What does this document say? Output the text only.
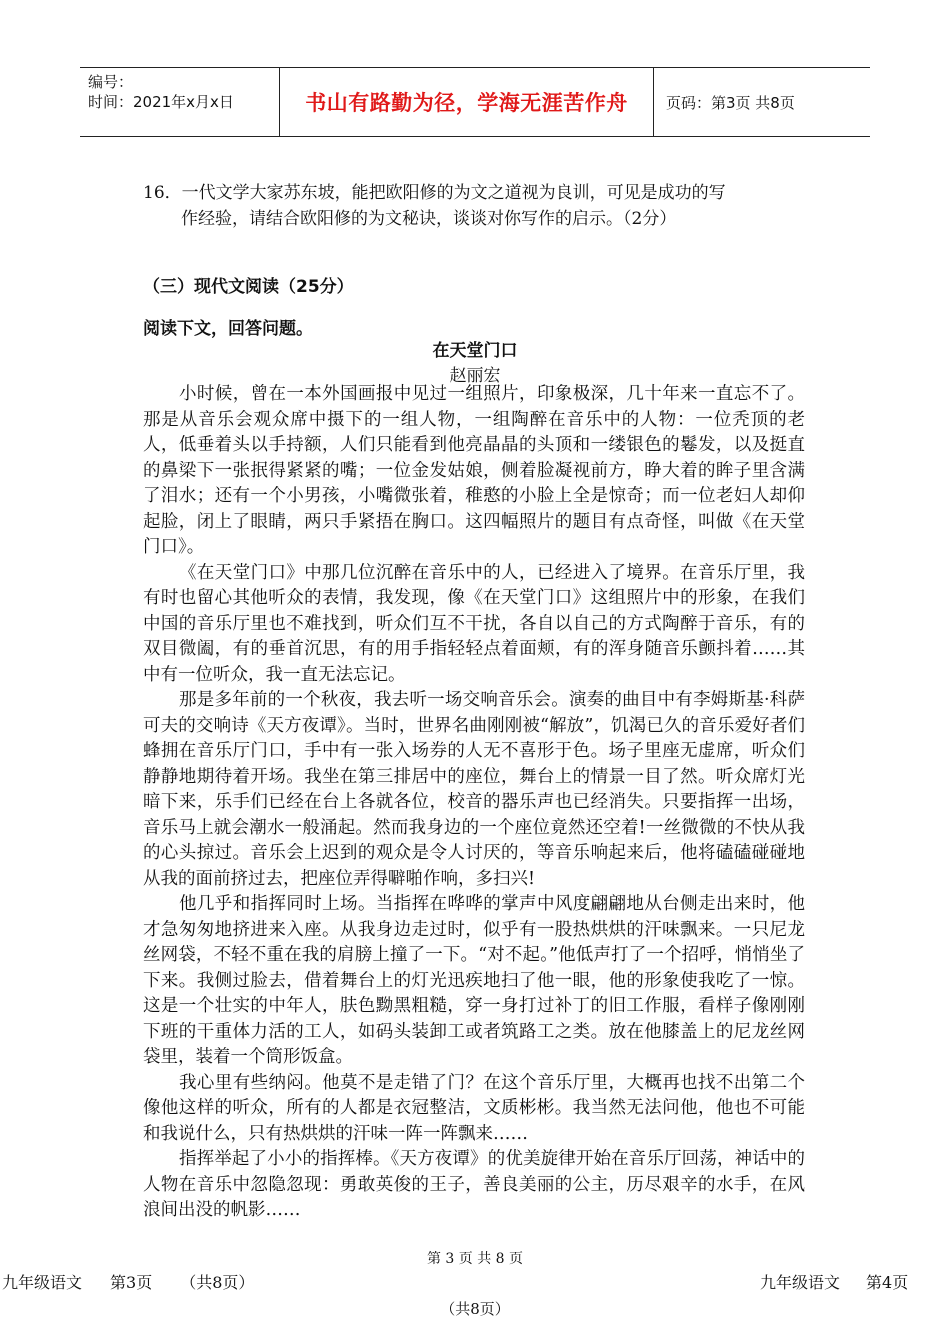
编号：
时间：2021年x月x日	书山有路勤为径，学海无涯苦作舟	页码：第3页 共8页
16．一代文学大家苏东坡，能把欧阳修的为文之道视为良训，可见是成功的写
作经验，请结合欧阳修的为文秘诀，谈谈对你写作的启示。（2分）
（三）现代文阅读（25分）
阅读下文，回答问题。
在天堂门口
赵丽宏

小时候，曾在一本外国画报中见过一组照片，印象极深，几十年来一直忘不了。那是从音乐会观众席中摄下的一组人物，一组陶醉在音乐中的人物：一位秃顶的老人，低垂着头以手持额，人们只能看到他亮晶晶的头顶和一缕银色的鬈发，以及挺直的鼻梁下一张抿得紧紧的嘴；一位金发姑娘，侧着脸凝视前方，睁大着的眸子里含满了泪水；还有一个小男孩，小嘴微张着，稚憨的小脸上全是惊奇；而一位老妇人却仰起脸，闭上了眼睛，两只手紧捂在胸口。这四幅照片的题目有点奇怪，叫做《在天堂门口》。

《在天堂门口》中那几位沉醉在音乐中的人，已经进入了境界。在音乐厅里，我有时也留心其他听众的表情，我发现，像《在天堂门口》这组照片中的形象，在我们中国的音乐厅里也不难找到，听众们互不干扰，各自以自己的方式陶醉于音乐，有的双目微阖，有的垂首沉思，有的用手指轻轻点着面颊，有的浑身随音乐颤抖着……其中有一位听众，我一直无法忘记。

那是多年前的一个秋夜，我去听一场交响音乐会。演奏的曲目中有李姆斯基·科萨可夫的交响诗《天方夜谭》。当时，世界名曲刚刚被“解放”，饥渴已久的音乐爱好者们蜂拥在音乐厅门口，手中有一张入场券的人无不喜形于色。场子里座无虚席，听众们静静地期待着开场。我坐在第三排居中的座位，舞台上的情景一目了然。听众席灯光暗下来，乐手们已经在台上各就各位，校音的器乐声也已经消失。只要指挥一出场，音乐马上就会潮水一般涌起。然而我身边的一个座位竟然还空着!一丝微微的不快从我的心头掠过。音乐会上迟到的观众是令人讨厌的，等音乐响起来后，他将磕磕碰碰地从我的面前挤过去，把座位弄得噼啪作响，多扫兴!

他几乎和指挥同时上场。当指挥在哗哗的掌声中风度翩翩地从台侧走出来时，他才急匆匆地挤进来入座。从我身边走过时，似乎有一股热烘烘的汗味飘来。一只尼龙丝网袋，不轻不重在我的肩膀上撞了一下。“对不起。”他低声打了一个招呼，悄悄坐了下来。我侧过脸去，借着舞台上的灯光迅疾地扫了他一眼，他的形象使我吃了一惊。这是一个壮实的中年人，肤色黝黑粗糙，穿一身打过补丁的旧工作服，看样子像刚刚下班的干重体力活的工人，如码头装卸工或者筑路工之类。放在他膝盖上的尼龙丝网袋里，装着一个筒形饭盒。

我心里有些纳闷。他莫不是走错了门？在这个音乐厅里，大概再也找不出第二个像他这样的听众，所有的人都是衣冠整洁，文质彬彬。我当然无法问他，他也不可能和我说什么，只有热烘烘的汗味一阵一阵飘来……

指挥举起了小小的指挥棒。《天方夜谭》的优美旋律开始在音乐厅回荡，神话中的人物在音乐中忽隐忽现：勇敢英俊的王子，善良美丽的公主，历尽艰辛的水手，在风浪间出没的帆影……

第 3 页 共 8 页
九年级语文 第3页 （共8页）	九年级语文 第4页
（共8页）
